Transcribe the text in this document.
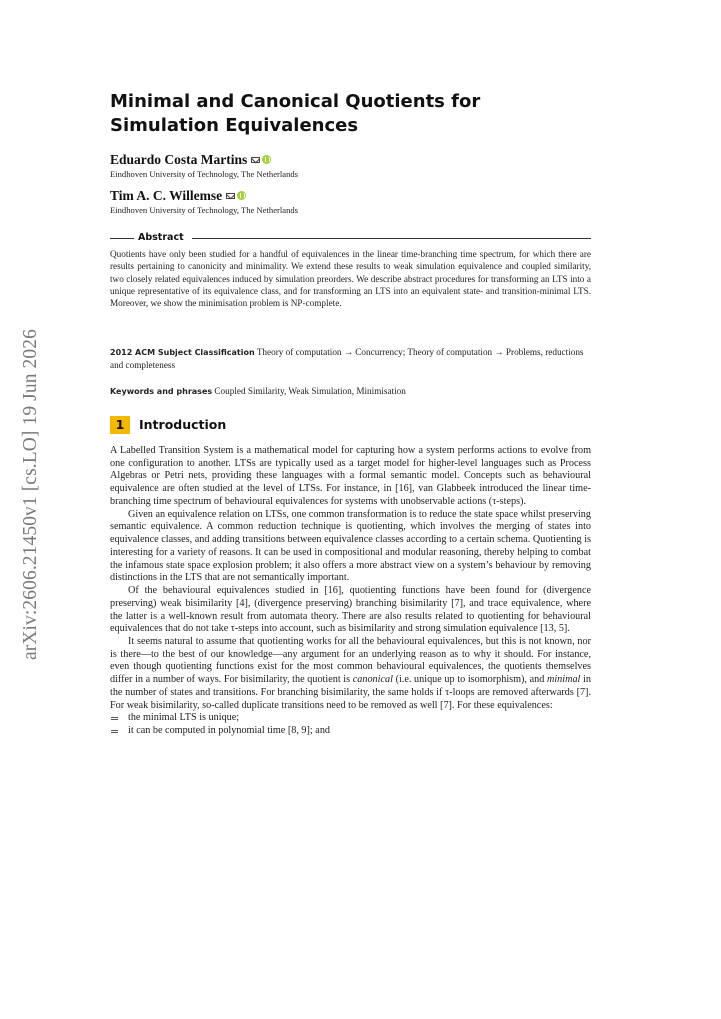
arXiv:2606.21450v1 [cs.LO] 19 Jun 2026
Minimal and Canonical Quotients for Simulation Equivalences
Eduardo Costa Martins
Eindhoven University of Technology, The Netherlands
Tim A. C. Willemse
Eindhoven University of Technology, The Netherlands
Abstract

Quotients have only been studied for a handful of equivalences in the linear time-branching time spectrum, for which there are results pertaining to canonicity and minimality. We extend these results to weak simulation equivalence and coupled similarity, two closely related equivalences induced by simulation preorders. We describe abstract procedures for transforming an LTS into a unique representative of its equivalence class, and for transforming an LTS into an equivalent state- and transition-minimal LTS. Moreover, we show the minimisation problem is NP-complete.

2012 ACM Subject Classification Theory of computation → Concurrency; Theory of computation → Problems, reductions and completeness

Keywords and phrases Coupled Similarity, Weak Simulation, Minimisation

1 Introduction

A Labelled Transition System is a mathematical model for capturing how a system performs actions to evolve from one configuration to another. LTSs are typically used as a target model for higher-level languages such as Process Algebras or Petri nets, providing these languages with a formal semantic model. Concepts such as behavioural equivalence are often studied at the level of LTSs. For instance, in [16], van Glabbeek introduced the linear time-branching time spectrum of behavioural equivalences for systems with unobservable actions (τ-steps).

Given an equivalence relation on LTSs, one common transformation is to reduce the state space whilst preserving semantic equivalence. A common reduction technique is quotienting, which involves the merging of states into equivalence classes, and adding transitions between equivalence classes according to a certain schema. Quotienting is interesting for a variety of reasons. It can be used in compositional and modular reasoning, thereby helping to combat the infamous state space explosion problem; it also offers a more abstract view on a system’s behaviour by removing distinctions in the LTS that are not semantically important.

Of the behavioural equivalences studied in [16], quotienting functions have been found for (divergence preserving) weak bisimilarity [4], (divergence preserving) branching bisimilarity [7], and trace equivalence, where the latter is a well-known result from automata theory. There are also results related to quotienting for behavioural equivalences that do not take τ-steps into account, such as bisimilarity and strong simulation equivalence [13, 5].

It seems natural to assume that quotienting works for all the behavioural equivalences, but this is not known, nor is there—to the best of our knowledge—any argument for an underlying reason as to why it should. For instance, even though quotienting functions exist for the most common behavioural equivalences, the quotients themselves differ in a number of ways. For bisimilarity, the quotient is canonical (i.e. unique up to isomorphism), and minimal in the number of states and transitions. For branching bisimilarity, the same holds if τ-loops are removed afterwards [7]. For weak bisimilarity, so-called duplicate transitions need to be removed as well [7]. For these equivalences:

the minimal LTS is unique;
it can be computed in polynomial time [8, 9]; and
